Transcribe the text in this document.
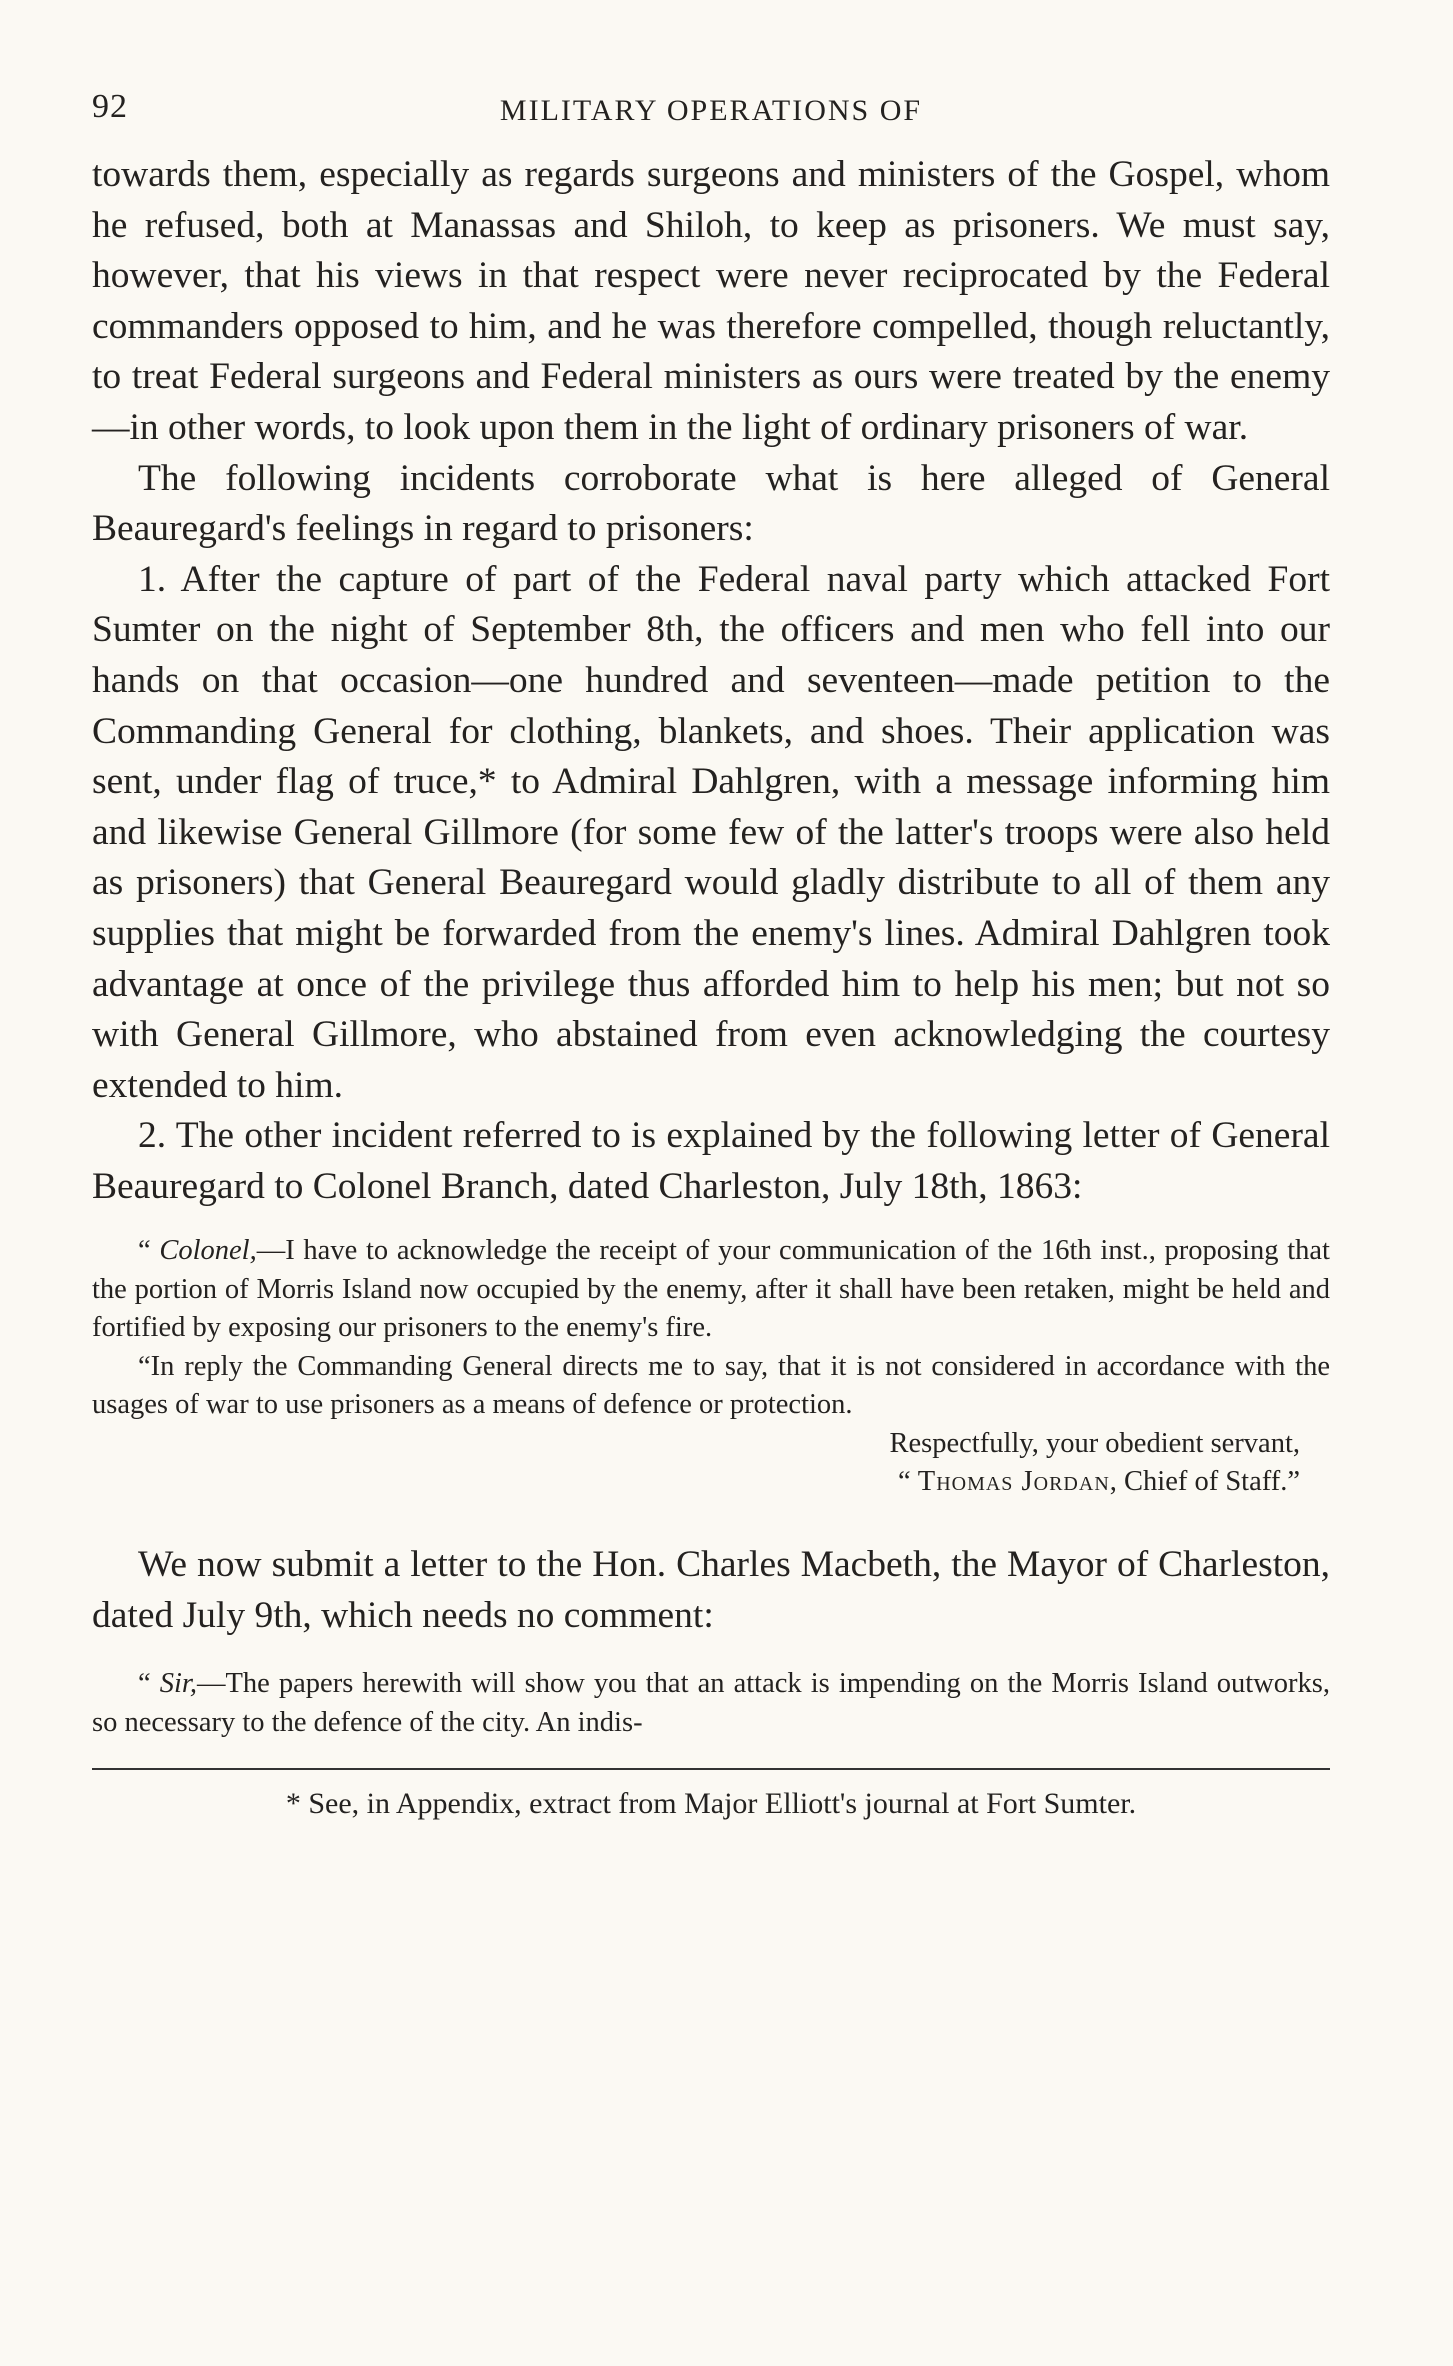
92	MILITARY OPERATIONS OF

towards them, especially as regards surgeons and ministers of the Gospel, whom he refused, both at Manassas and Shiloh, to keep as prisoners. We must say, however, that his views in that respect were never reciprocated by the Federal commanders opposed to him, and he was therefore compelled, though reluctantly, to treat Federal surgeons and Federal ministers as ours were treated by the enemy—in other words, to look upon them in the light of ordinary prisoners of war.

The following incidents corroborate what is here alleged of General Beauregard's feelings in regard to prisoners:

1. After the capture of part of the Federal naval party which attacked Fort Sumter on the night of September 8th, the officers and men who fell into our hands on that occasion—one hundred and seventeen—made petition to the Commanding General for clothing, blankets, and shoes. Their application was sent, under flag of truce,* to Admiral Dahlgren, with a message informing him and likewise General Gillmore (for some few of the latter's troops were also held as prisoners) that General Beauregard would gladly distribute to all of them any supplies that might be forwarded from the enemy's lines. Admiral Dahlgren took advantage at once of the privilege thus afforded him to help his men; but not so with General Gillmore, who abstained from even acknowledging the courtesy extended to him.

2. The other incident referred to is explained by the following letter of General Beauregard to Colonel Branch, dated Charleston, July 18th, 1863:

“ Colonel,—I have to acknowledge the receipt of your communication of the 16th inst., proposing that the portion of Morris Island now occupied by the enemy, after it shall have been retaken, might be held and fortified by exposing our prisoners to the enemy's fire.

“In reply the Commanding General directs me to say, that it is not considered in accordance with the usages of war to use prisoners as a means of defence or protection.

Respectfully, your obedient servant,
“ Thomas Jordan, Chief of Staff.”

We now submit a letter to the Hon. Charles Macbeth, the Mayor of Charleston, dated July 9th, which needs no comment:

“ Sir,—The papers herewith will show you that an attack is impending on the Morris Island outworks, so necessary to the defence of the city. An indis-

* See, in Appendix, extract from Major Elliott's journal at Fort Sumter.
